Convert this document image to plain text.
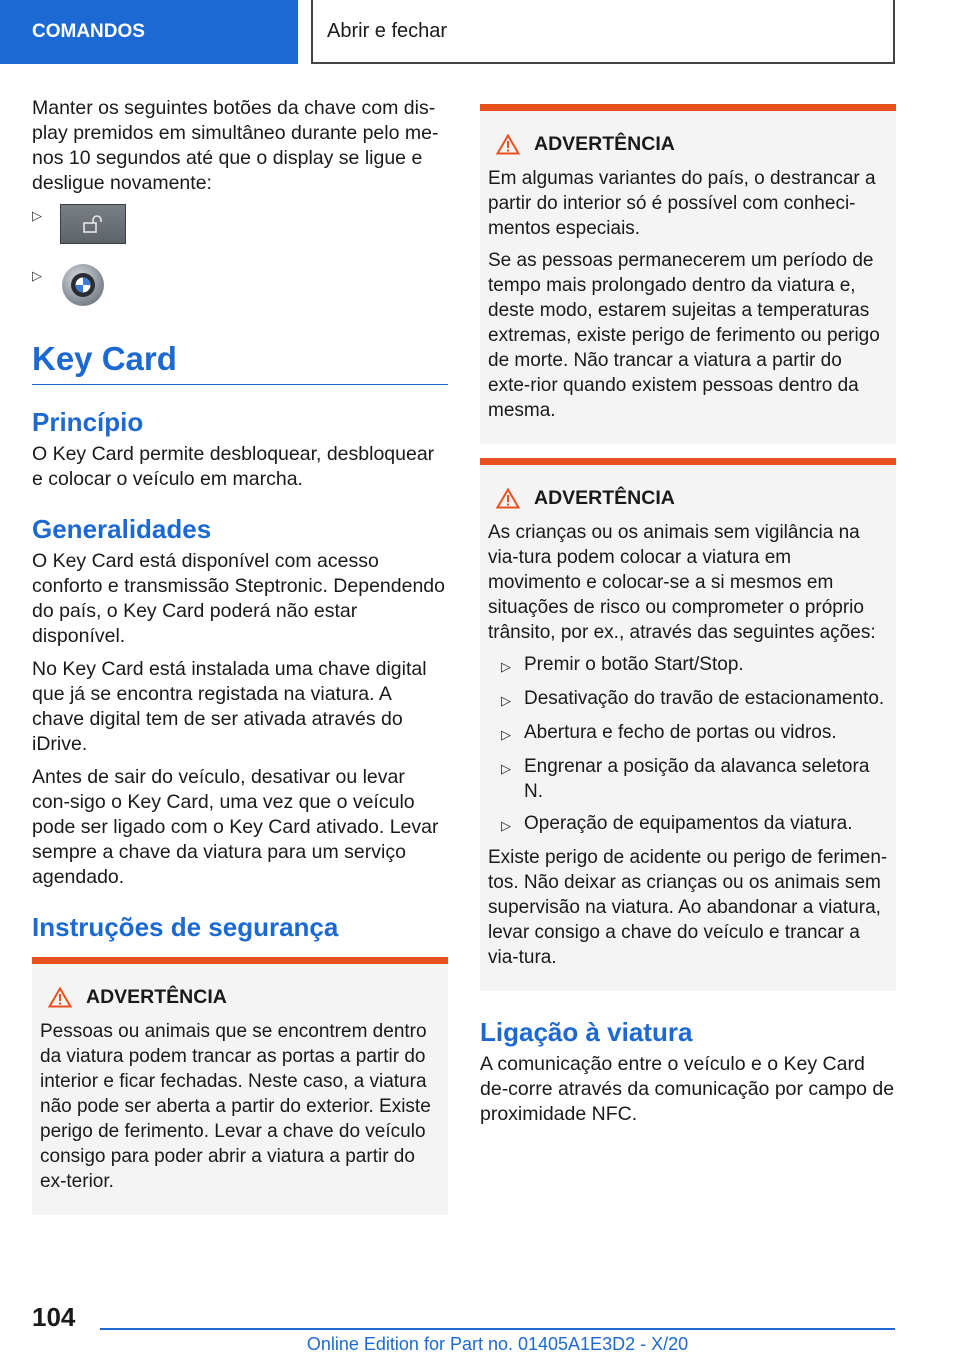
COMANDOS	Abrir e fechar

Manter os seguintes botões da chave com dis-play premidos em simultâneo durante pelo me-nos 10 segundos até que o display se ligue e desligue novamente:

▷
▷
Key Card
Princípio

O Key Card permite desbloquear, desbloquear e colocar o veículo em marcha.

Generalidades

O Key Card está disponível com acesso conforto e transmissão Steptronic. Dependendo do país, o Key Card poderá não estar disponível.

No Key Card está instalada uma chave digital que já se encontra registada na viatura. A chave digital tem de ser ativada através do iDrive.

Antes de sair do veículo, desativar ou levar con-sigo o Key Card, uma vez que o veículo pode ser ligado com o Key Card ativado. Levar sempre a chave da viatura para um serviço agendado.

Instruções de segurança
ADVERTÊNCIA

Pessoas ou animais que se encontrem dentro da viatura podem trancar as portas a partir do interior e ficar fechadas. Neste caso, a viatura não pode ser aberta a partir do exterior. Existe perigo de ferimento. Levar a chave do veículo consigo para poder abrir a viatura a partir do ex-terior.

ADVERTÊNCIA

Em algumas variantes do país, o destrancar a partir do interior só é possível com conheci-mentos especiais.

Se as pessoas permanecerem um período de tempo mais prolongado dentro da viatura e, deste modo, estarem sujeitas a temperaturas extremas, existe perigo de ferimento ou perigo de morte. Não trancar a viatura a partir do exte-rior quando existem pessoas dentro da mesma.

ADVERTÊNCIA

As crianças ou os animais sem vigilância na via-tura podem colocar a viatura em movimento e colocar-se a si mesmos em situações de risco ou comprometer o próprio trânsito, por ex., através das seguintes ações:

▷ Premir o botão Start/Stop.
▷ Desativação do travão de estacionamento.
▷ Abertura e fecho de portas ou vidros.
▷ Engrenar a posição da alavanca seletora N.
▷ Operação de equipamentos da viatura.

Existe perigo de acidente ou perigo de ferimen-tos. Não deixar as crianças ou os animais sem supervisão na viatura. Ao abandonar a viatura, levar consigo a chave do veículo e trancar a via-tura.

Ligação à viatura

A comunicação entre o veículo e o Key Card de-corre através da comunicação por campo de proximidade NFC.

104
Online Edition for Part no. 01405A1E3D2 - X/20
